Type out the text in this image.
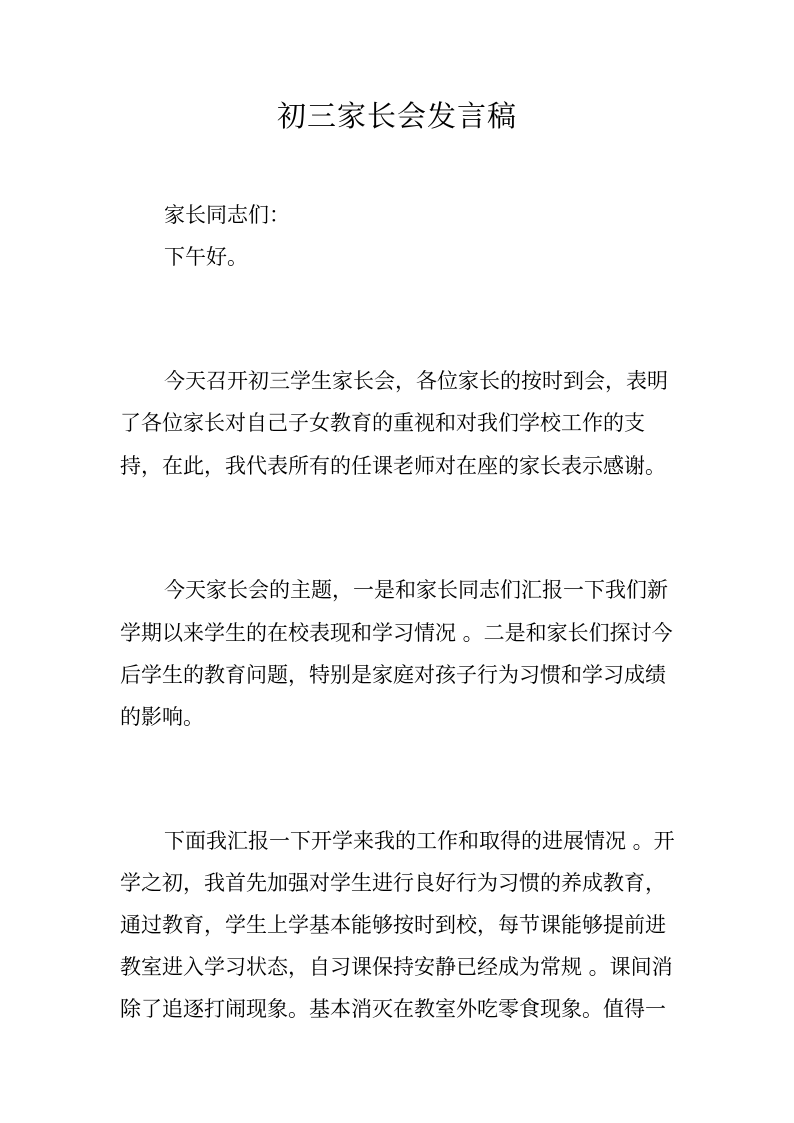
初三家长会发言稿
家长同志们：
下午好。
今天召开初三学生家长会，各位家长的按时到会，表明
了各位家长对自己子女教育的重视和对我们学校工作的支
持，在此，我代表所有的任课老师对在座的家长表示感谢。
今天家长会的主题，一是和家长同志们汇报一下我们新
学期以来学生的在校表现和学习情况 。二是和家长们探讨今
后学生的教育问题，特别是家庭对孩子行为习惯和学习成绩
的影响。
下面我汇报一下开学来我的工作和取得的进展情况 。开
学之初，我首先加强对学生进行良好行为习惯的养成教育，
通过教育，学生上学基本能够按时到校，每节课能够提前进
教室进入学习状态，自习课保持安静已经成为常规 。课间消
除了追逐打闹现象。基本消灭在教室外吃零食现象。值得一
